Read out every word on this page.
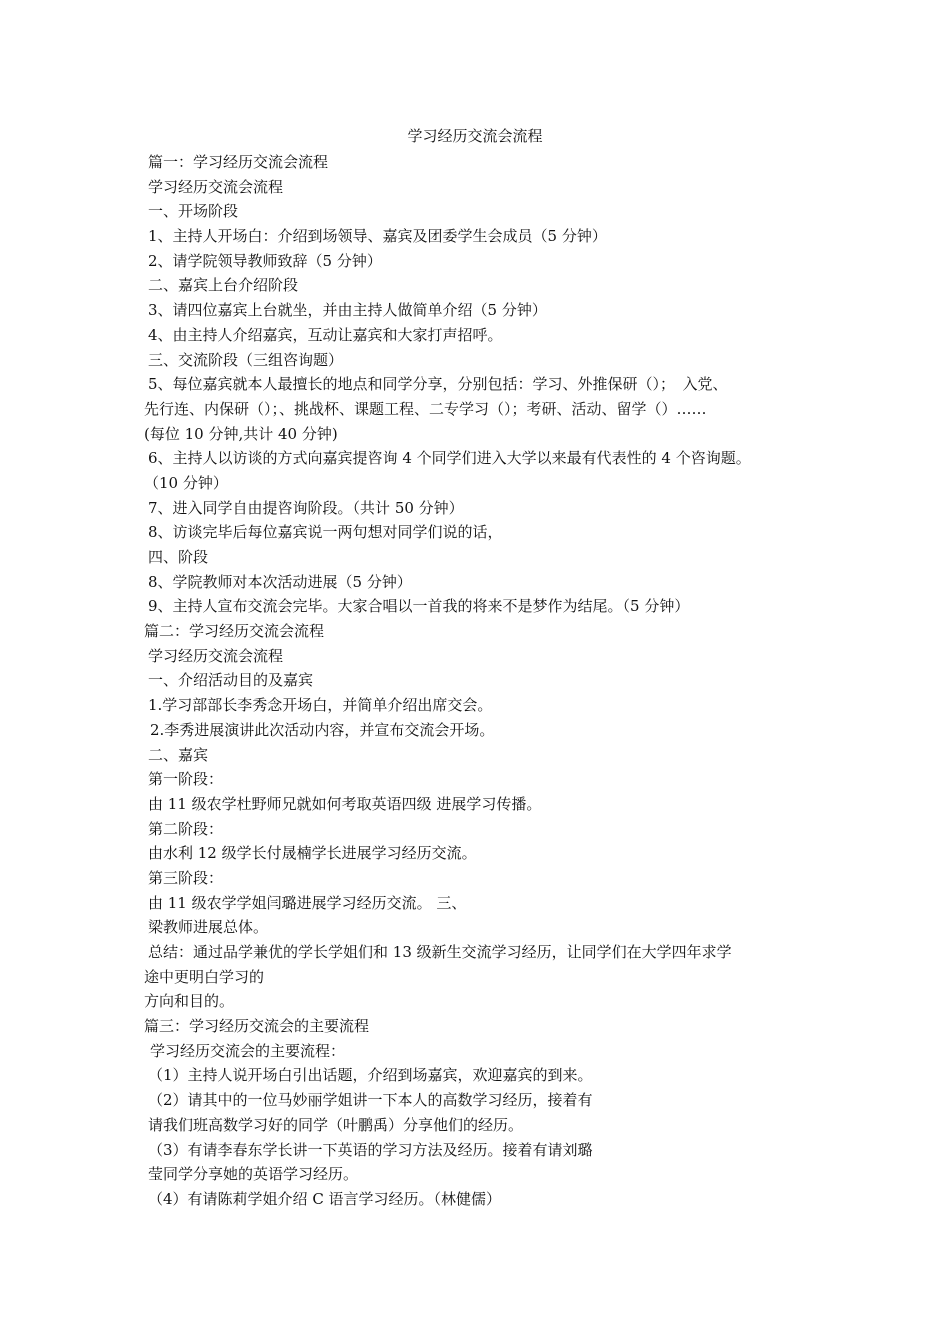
学习经历交流会流程
篇一：学习经历交流会流程
学习经历交流会流程
一、开场阶段
1、主持人开场白：介绍到场领导、嘉宾及团委学生会成员（5 分钟）
2、请学院领导教师致辞（5 分钟）
二、嘉宾上台介绍阶段
3、请四位嘉宾上台就坐，并由主持人做简单介绍（5 分钟）
4、由主持人介绍嘉宾，互动让嘉宾和大家打声招呼。
三、交流阶段（三组咨询题）
5、每位嘉宾就本人最擅长的地点和同学分享，分别包括：学习、外推保研（）；　入党、
先行连、内保研（）；、挑战杯、课题工程、二专学习（）；考研、活动、留学（）……
(每位 10 分钟,共计 40 分钟)
6、主持人以访谈的方式向嘉宾提咨询 4 个同学们进入大学以来最有代表性的 4 个咨询题。
（10 分钟）
7、进入同学自由提咨询阶段。（共计 50 分钟）
8、访谈完毕后每位嘉宾说一两句想对同学们说的话，
四、阶段
8、学院教师对本次活动进展（5 分钟）
9、主持人宣布交流会完毕。大家合唱以一首我的将来不是梦作为结尾。（5 分钟）
篇二：学习经历交流会流程
学习经历交流会流程
一、介绍活动目的及嘉宾
1.学习部部长李秀念开场白，并简单介绍出席交会。
2.李秀进展演讲此次活动内容，并宣布交流会开场。
二、嘉宾
第一阶段：
由 11 级农学杜野师兄就如何考取英语四级 进展学习传播。
第二阶段：
由水利 12 级学长付晟楠学长进展学习经历交流。
第三阶段：
由 11 级农学学姐闫璐进展学习经历交流。 三、
梁教师进展总体。
总结：通过品学兼优的学长学姐们和 13 级新生交流学习经历，让同学们在大学四年求学
途中更明白学习的
方向和目的。
篇三：学习经历交流会的主要流程
学习经历交流会的主要流程：
（1）主持人说开场白引出话题，介绍到场嘉宾，欢迎嘉宾的到来。
（2）请其中的一位马妙丽学姐讲一下本人的高数学习经历，接着有
请我们班高数学习好的同学（叶鹏禹）分享他们的经历。
（3）有请李春东学长讲一下英语的学习方法及经历。接着有请刘璐
莹同学分享她的英语学习经历。
（4）有请陈莉学姐介绍 C 语言学习经历。（林健儒）
